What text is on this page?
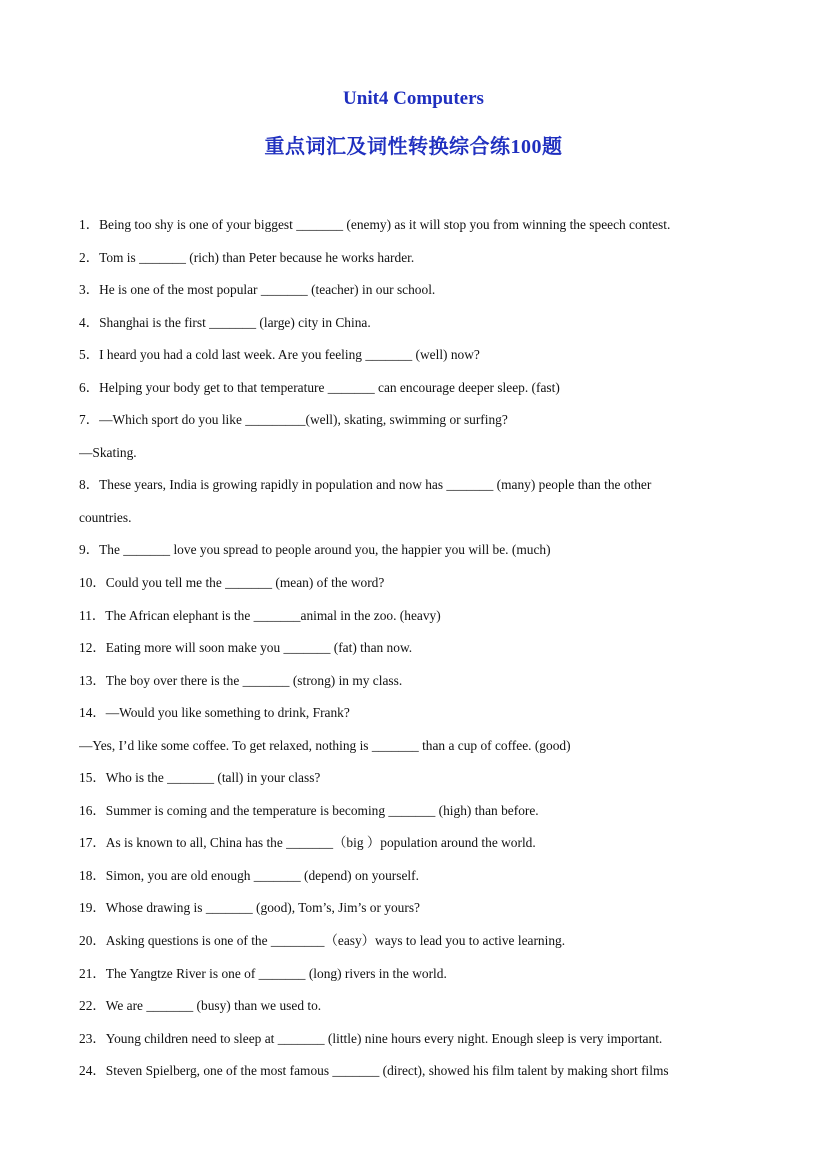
Unit4 Computers
重点词汇及词性转换综合练100题
1．Being too shy is one of your biggest _______ (enemy) as it will stop you from winning the speech contest.
2．Tom is _______ (rich) than Peter because he works harder.
3．He is one of the most popular _______ (teacher) in our school.
4．Shanghai is the first _______ (large) city in China.
5．I heard you had a cold last week. Are you feeling _______ (well) now?
6．Helping your body get to that temperature _______ can encourage deeper sleep. (fast)
7．—Which sport do you like _________(well), skating, swimming or surfing?
—Skating.
8．These years, India is growing rapidly in population and now has _______ (many) people than the other
countries.
9．The _______ love you spread to people around you, the happier you will be. (much)
10．Could you tell me the _______ (mean) of the word?
11．The African elephant is the _______animal in the zoo. (heavy)
12．Eating more will soon make you _______ (fat) than now.
13．The boy over there is the _______ (strong) in my class.
14．—Would you like something to drink, Frank?
—Yes, I’d like some coffee. To get relaxed, nothing is _______ than a cup of coffee. (good)
15．Who is the _______ (tall) in your class?
16．Summer is coming and the temperature is becoming _______ (high) than before.
17．As is known to all, China has the _______（big ）population around the world.
18．Simon, you are old enough _______ (depend) on yourself.
19．Whose drawing is _______ (good), Tom’s, Jim’s or yours?
20．Asking questions is one of the ________（easy）ways to lead you to active learning.
21．The Yangtze River is one of _______ (long) rivers in the world.
22．We are _______ (busy) than we used to.
23．Young children need to sleep at _______ (little) nine hours every night. Enough sleep is very important.
24．Steven Spielberg, one of the most famous _______ (direct), showed his film talent by making short films
